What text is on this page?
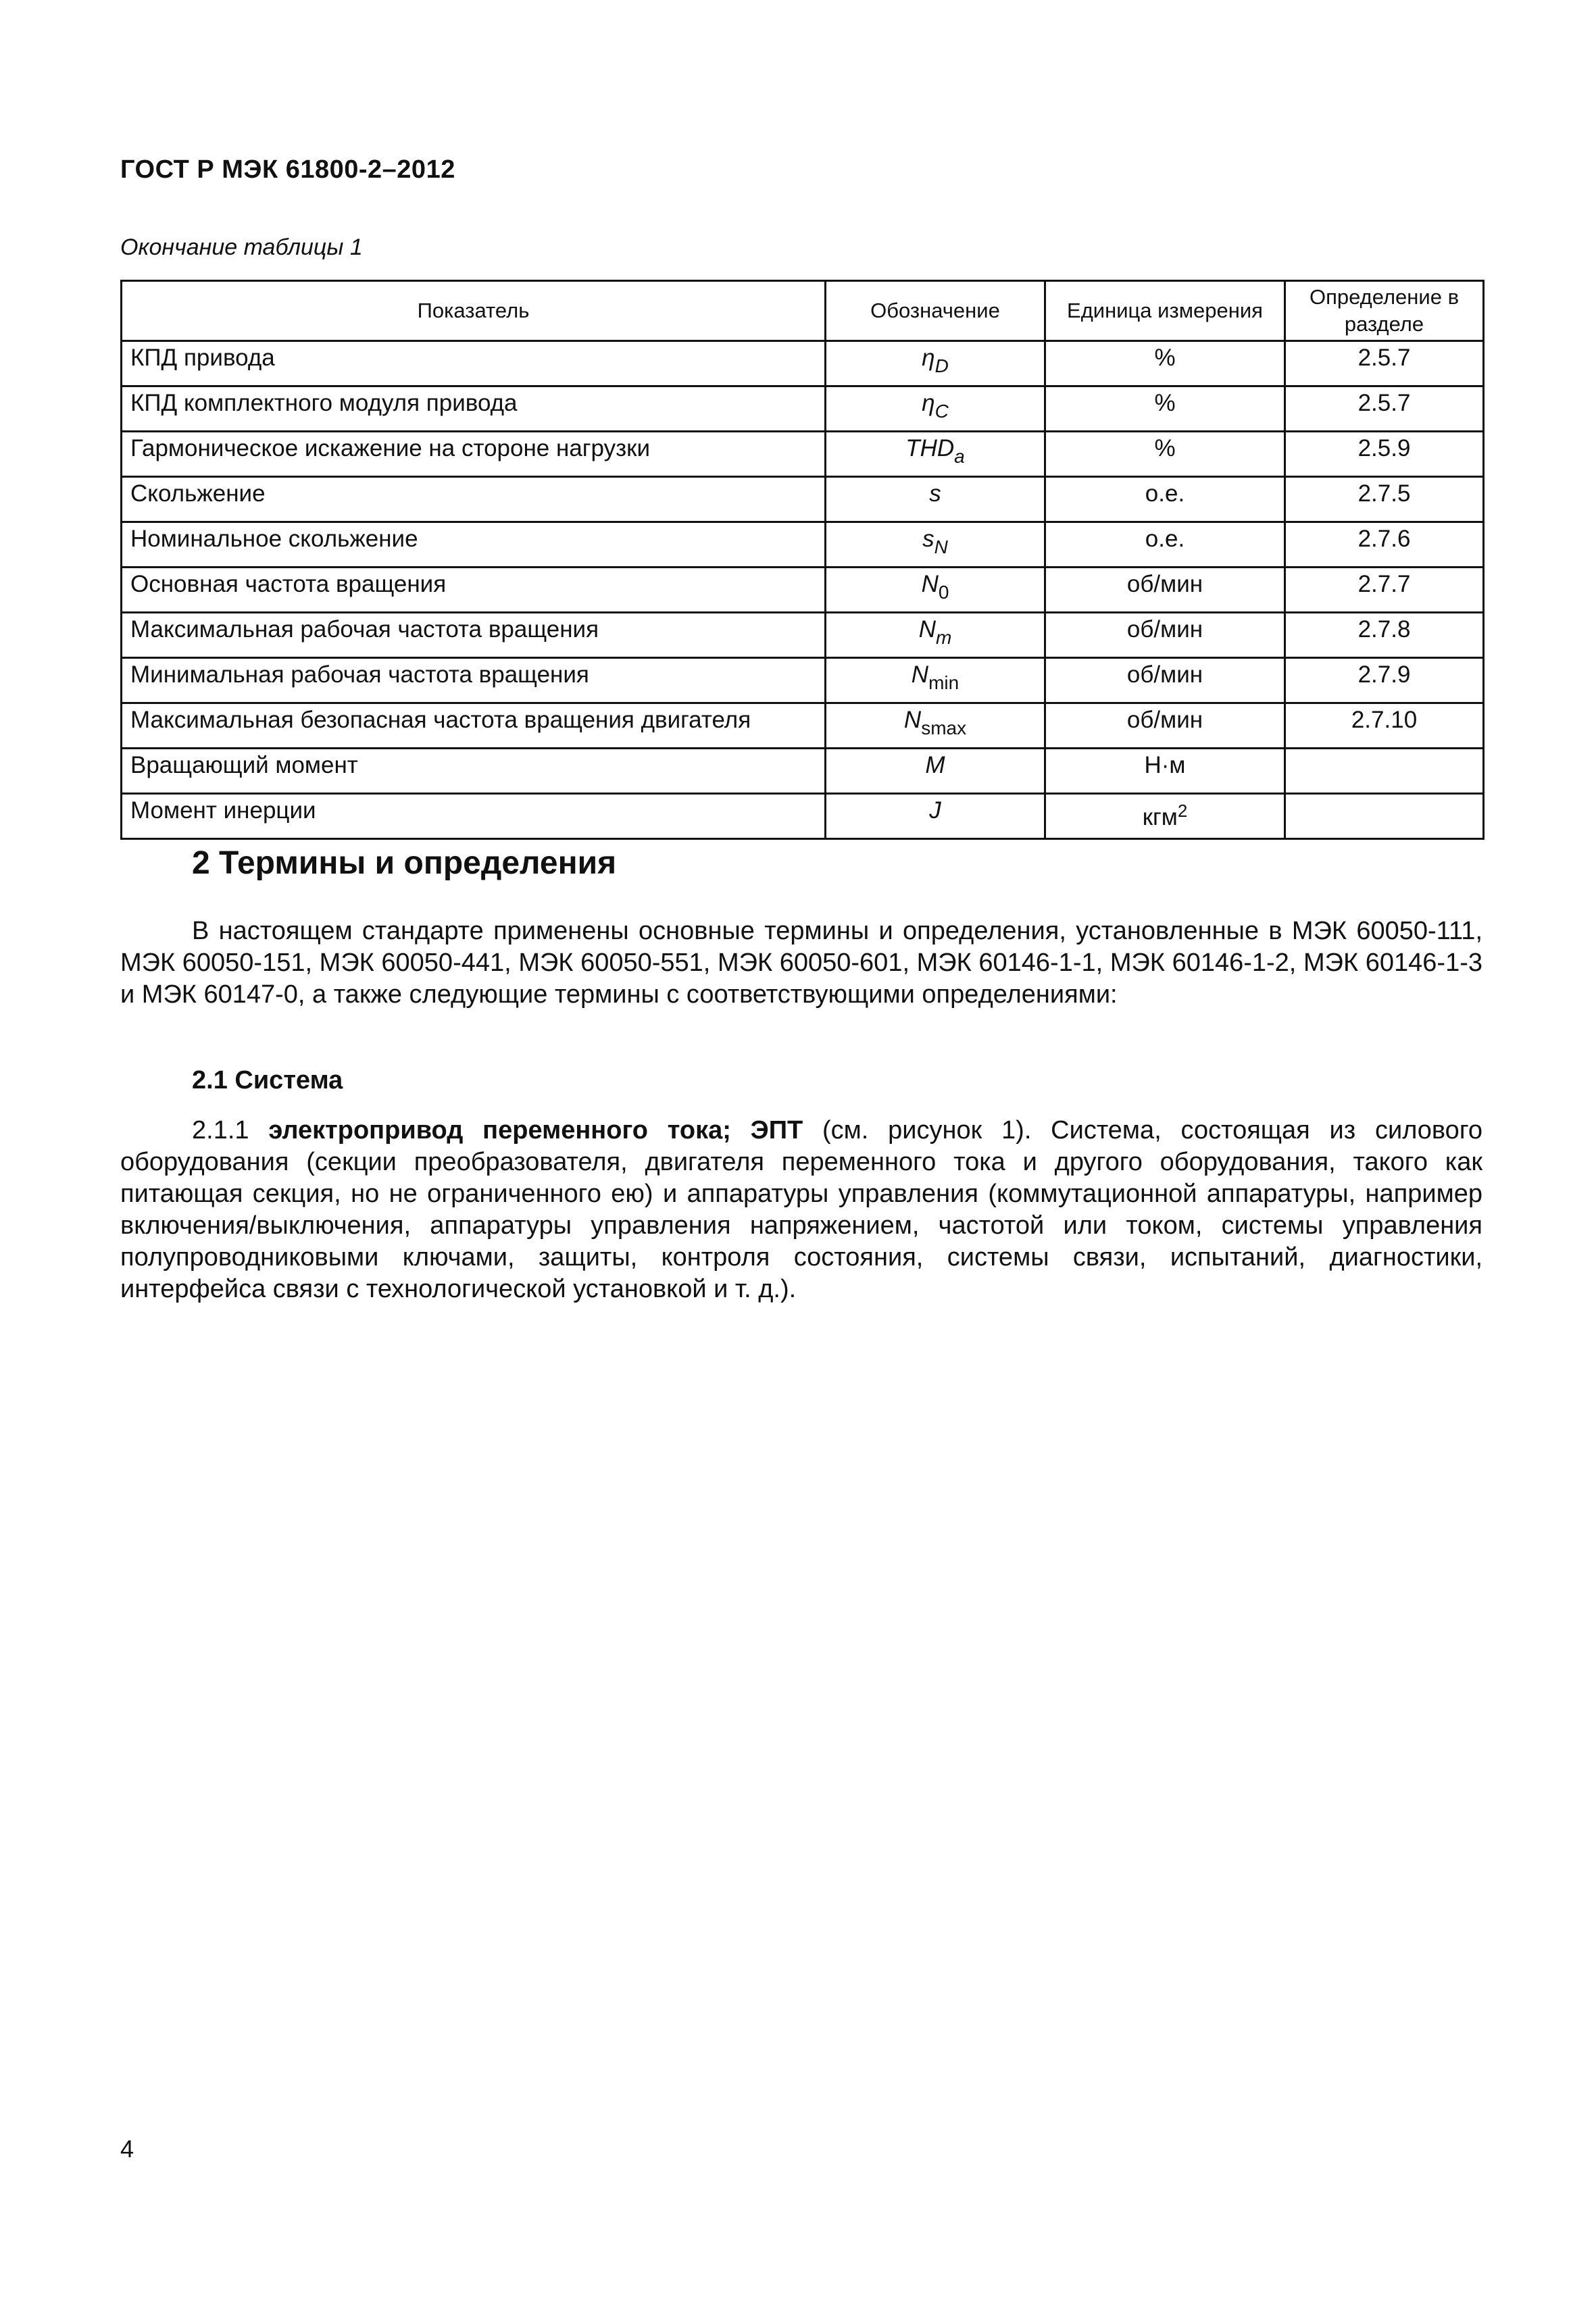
ГОСТ Р МЭК 61800-2–2012
Окончание таблицы 1
Показатель	Обозначение	Единица измерения	Определение в разделе
КПД привода	$\eta_D$	%	2.5.7
КПД комплектного модуля привода	$\eta_C$	%	2.5.7
Гармоническое искажение на стороне нагрузки	$THD_a$	%	2.5.9
Скольжение	s	о.е.	2.7.5
Номинальное скольжение	$s_N$	о.е.	2.7.6
Основная частота вращения	$N_0$	об/мин	2.7.7
Максимальная рабочая частота вращения	$N_m$	об/мин	2.7.8
Минимальная рабочая частота вращения	$N_{min}$	об/мин	2.7.9
Максимальная безопасная частота вращения двигателя	$N_{smax}$	об/мин	2.7.10
Вращающий момент	M	Н·м	
Момент инерции	J	кгм$^2$	
2 Термины и определения

В настоящем стандарте применены основные термины и определения, установленные в МЭК 60050-111, МЭК 60050-151, МЭК 60050-441, МЭК 60050-551, МЭК 60050-601, МЭК 60146-1-1, МЭК 60146-1-2, МЭК 60146-1-3 и МЭК 60147-0, а также следующие термины с соответствующими определениями:

2.1 Система

2.1.1 электропривод переменного тока; ЭПТ (см. рисунок 1). Система, состоящая из силового оборудования (секции преобразователя, двигателя переменного тока и другого оборудования, такого как питающая секция, но не ограниченного ею) и аппаратуры управления (коммутационной аппаратуры, например включения/выключения, аппаратуры управления напряжением, частотой или током, системы управления полупроводниковыми ключами, защиты, контроля состояния, системы связи, испытаний, диагностики, интерфейса связи с технологической установкой и т. д.).

4
